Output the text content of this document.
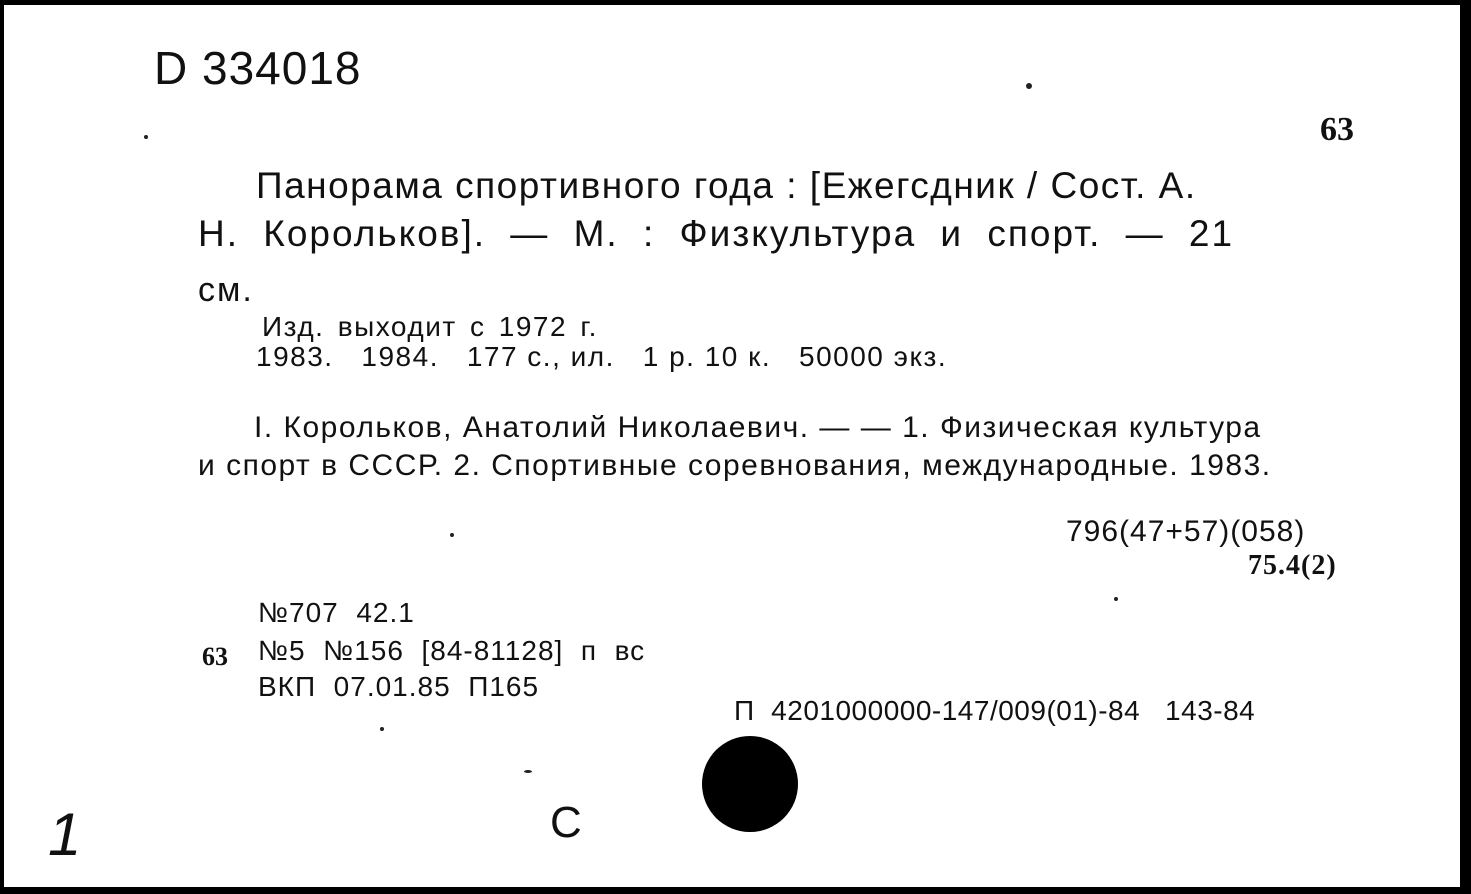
D 334018
63
Панорама спортивного года : [Ежегсдник / Сост. А.
Н. Корольков]. — М. : Физкультура и спорт. — 21
см.
Изд. выходит с 1972 г.
1983.   1984.   177 с., ил.   1 р. 10 к.   50000 экз.
I. Корольков, Анатолий Николаевич. — — 1. Физическая культура
и спорт в СССР. 2. Спортивные соревнования, международные. 1983.
796(47+57)(058)
75.4(2)
№707  42.1
63 №5  №156  [84-81128]  п  вс
ВКП  07.01.85  П165
П  4201000000-147/009(01)-84   143-84
C
1
